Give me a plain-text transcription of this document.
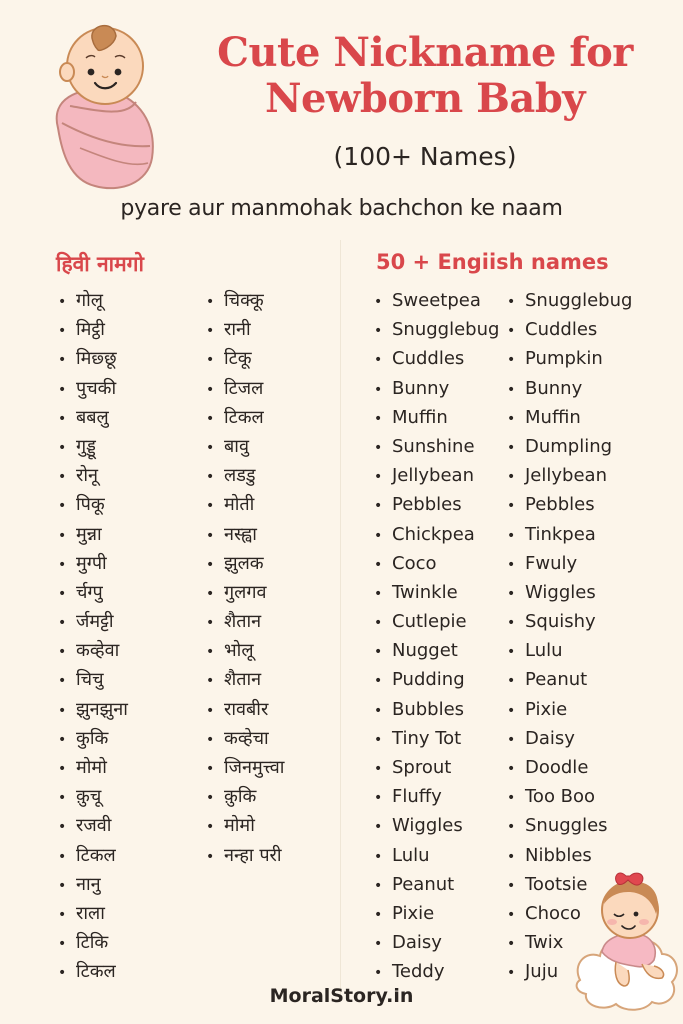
Cute Nickname for
Newborn Baby
(100+ Names)
pyare aur manmohak bachchon ke naam
हिवी नामगो
• गोलू
• मिट्ठी
• मिछ्छू
• पुचकी
• बबलु
• गुड्डू
• रोनू
• पिकू
• मुन्ना
• मुग्पी
• र्चग्पु
• र्जमट्टी
• कव्हेवा
• चिचु
• झुनझुना
• कुकि
• मोमो
• क़ुचू
• रजवी
• टिकल
• नानु
• राला
• टिकि
• टिकल
• चिक्कू
• रानी
• टिकू
• टिजल
• टिकल
• बावु
• लडडु
• मोती
• नस्ह्वा
• झुलक
• गुलगव
• शैतान
• भोलू
• शैतान
• रावबीर
• कव्हेचा
• जिनमुत्त्वा
• क़ुकि
• मोमो
• नन्हा परी
50 + Engiish names
• Sweetpea
• Snugglebug
• Cuddles
• Bunny
• Muffin
• Sunshine
• Jellybean
• Pebbles
• Chickpea
• Coco
• Twinkle
• Cutlepie
• Nugget
• Pudding
• Bubbles
• Tiny Tot
• Sprout
• Fluffy
• Wiggles
• Lulu
• Peanut
• Pixie
• Daisy
• Teddy
• Snugglebug
• Cuddles
• Pumpkin
• Bunny
• Muffin
• Dumpling
• Jellybean
• Pebbles
• Tinkpea
• Fwuly
• Wiggles
• Squishy
• Lulu
• Peanut
• Pixie
• Daisy
• Doodle
• Too Boo
• Snuggles
• Nibbles
• Tootsie
• Choco
• Twix
• Juju
MoralStory.in
